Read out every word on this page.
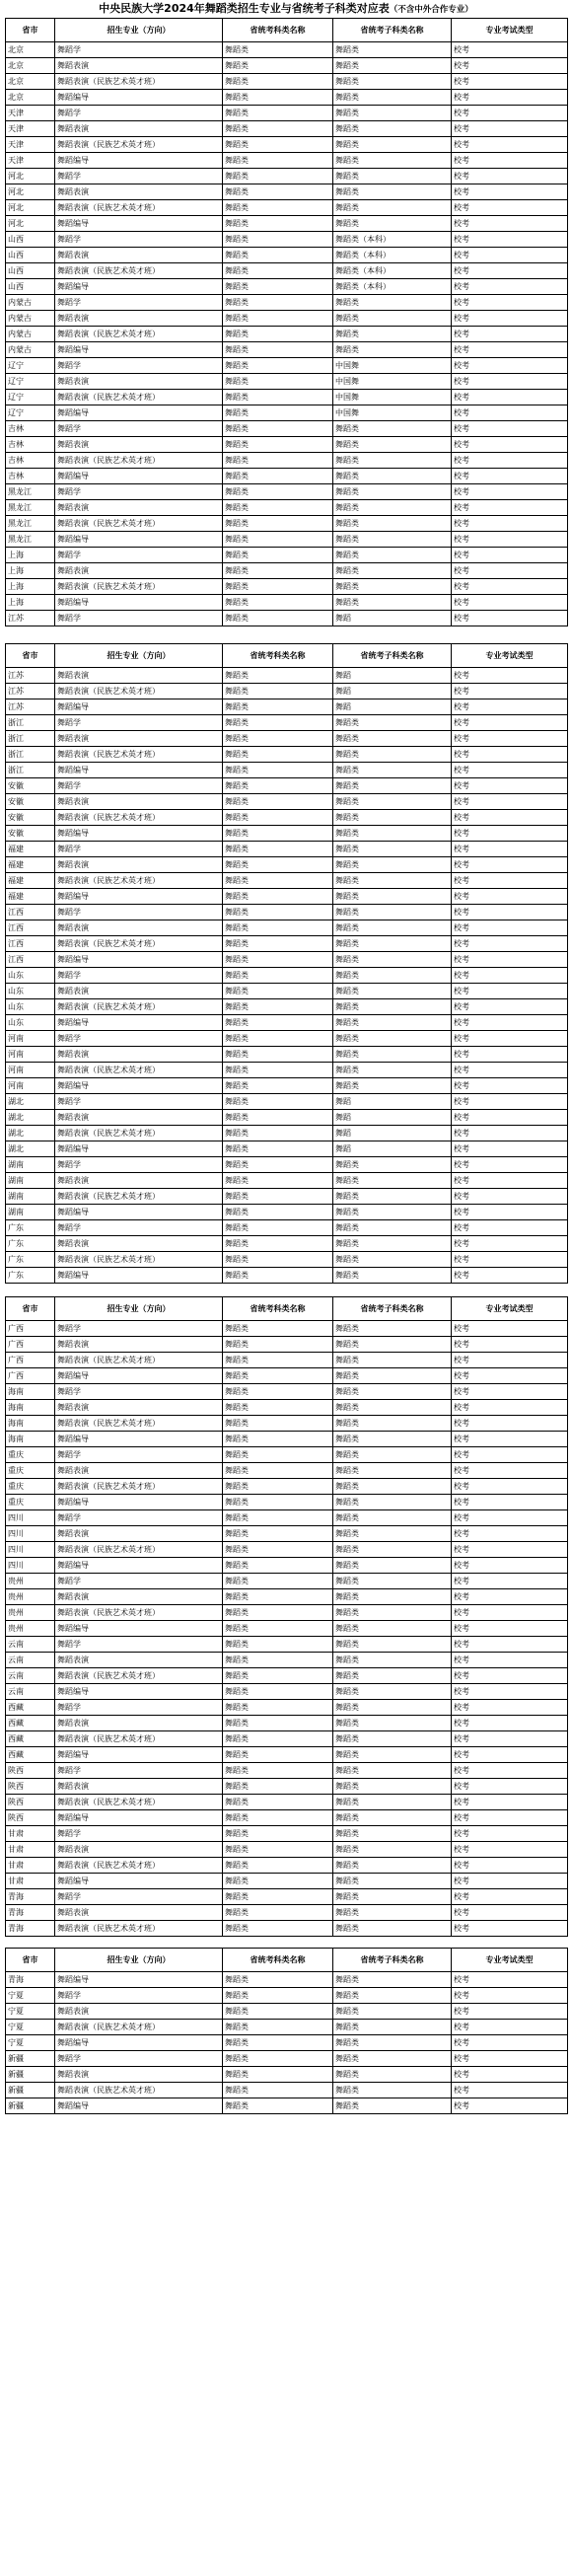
中央民族大学2024年舞蹈类招生专业与省统考子科类对应表（不含中外合作专业）
省市	招生专业（方向）	省统考科类名称	省统考子科类名称	专业考试类型
北京	舞蹈学	舞蹈类	舞蹈类	校考
北京	舞蹈表演	舞蹈类	舞蹈类	校考
北京	舞蹈表演（民族艺术英才班）	舞蹈类	舞蹈类	校考
北京	舞蹈编导	舞蹈类	舞蹈类	校考
天津	舞蹈学	舞蹈类	舞蹈类	校考
天津	舞蹈表演	舞蹈类	舞蹈类	校考
天津	舞蹈表演（民族艺术英才班）	舞蹈类	舞蹈类	校考
天津	舞蹈编导	舞蹈类	舞蹈类	校考
河北	舞蹈学	舞蹈类	舞蹈类	校考
河北	舞蹈表演	舞蹈类	舞蹈类	校考
河北	舞蹈表演（民族艺术英才班）	舞蹈类	舞蹈类	校考
河北	舞蹈编导	舞蹈类	舞蹈类	校考
山西	舞蹈学	舞蹈类	舞蹈类（本科）	校考
山西	舞蹈表演	舞蹈类	舞蹈类（本科）	校考
山西	舞蹈表演（民族艺术英才班）	舞蹈类	舞蹈类（本科）	校考
山西	舞蹈编导	舞蹈类	舞蹈类（本科）	校考
内蒙古	舞蹈学	舞蹈类	舞蹈类	校考
内蒙古	舞蹈表演	舞蹈类	舞蹈类	校考
内蒙古	舞蹈表演（民族艺术英才班）	舞蹈类	舞蹈类	校考
内蒙古	舞蹈编导	舞蹈类	舞蹈类	校考
辽宁	舞蹈学	舞蹈类	中国舞	校考
辽宁	舞蹈表演	舞蹈类	中国舞	校考
辽宁	舞蹈表演（民族艺术英才班）	舞蹈类	中国舞	校考
辽宁	舞蹈编导	舞蹈类	中国舞	校考
吉林	舞蹈学	舞蹈类	舞蹈类	校考
吉林	舞蹈表演	舞蹈类	舞蹈类	校考
吉林	舞蹈表演（民族艺术英才班）	舞蹈类	舞蹈类	校考
吉林	舞蹈编导	舞蹈类	舞蹈类	校考
黑龙江	舞蹈学	舞蹈类	舞蹈类	校考
黑龙江	舞蹈表演	舞蹈类	舞蹈类	校考
黑龙江	舞蹈表演（民族艺术英才班）	舞蹈类	舞蹈类	校考
黑龙江	舞蹈编导	舞蹈类	舞蹈类	校考
上海	舞蹈学	舞蹈类	舞蹈类	校考
上海	舞蹈表演	舞蹈类	舞蹈类	校考
上海	舞蹈表演（民族艺术英才班）	舞蹈类	舞蹈类	校考
上海	舞蹈编导	舞蹈类	舞蹈类	校考
江苏	舞蹈学	舞蹈类	舞蹈	校考
省市	招生专业（方向）	省统考科类名称	省统考子科类名称	专业考试类型
江苏	舞蹈表演	舞蹈类	舞蹈	校考
江苏	舞蹈表演（民族艺术英才班）	舞蹈类	舞蹈	校考
江苏	舞蹈编导	舞蹈类	舞蹈	校考
浙江	舞蹈学	舞蹈类	舞蹈类	校考
浙江	舞蹈表演	舞蹈类	舞蹈类	校考
浙江	舞蹈表演（民族艺术英才班）	舞蹈类	舞蹈类	校考
浙江	舞蹈编导	舞蹈类	舞蹈类	校考
安徽	舞蹈学	舞蹈类	舞蹈类	校考
安徽	舞蹈表演	舞蹈类	舞蹈类	校考
安徽	舞蹈表演（民族艺术英才班）	舞蹈类	舞蹈类	校考
安徽	舞蹈编导	舞蹈类	舞蹈类	校考
福建	舞蹈学	舞蹈类	舞蹈类	校考
福建	舞蹈表演	舞蹈类	舞蹈类	校考
福建	舞蹈表演（民族艺术英才班）	舞蹈类	舞蹈类	校考
福建	舞蹈编导	舞蹈类	舞蹈类	校考
江西	舞蹈学	舞蹈类	舞蹈类	校考
江西	舞蹈表演	舞蹈类	舞蹈类	校考
江西	舞蹈表演（民族艺术英才班）	舞蹈类	舞蹈类	校考
江西	舞蹈编导	舞蹈类	舞蹈类	校考
山东	舞蹈学	舞蹈类	舞蹈类	校考
山东	舞蹈表演	舞蹈类	舞蹈类	校考
山东	舞蹈表演（民族艺术英才班）	舞蹈类	舞蹈类	校考
山东	舞蹈编导	舞蹈类	舞蹈类	校考
河南	舞蹈学	舞蹈类	舞蹈类	校考
河南	舞蹈表演	舞蹈类	舞蹈类	校考
河南	舞蹈表演（民族艺术英才班）	舞蹈类	舞蹈类	校考
河南	舞蹈编导	舞蹈类	舞蹈类	校考
湖北	舞蹈学	舞蹈类	舞蹈	校考
湖北	舞蹈表演	舞蹈类	舞蹈	校考
湖北	舞蹈表演（民族艺术英才班）	舞蹈类	舞蹈	校考
湖北	舞蹈编导	舞蹈类	舞蹈	校考
湖南	舞蹈学	舞蹈类	舞蹈类	校考
湖南	舞蹈表演	舞蹈类	舞蹈类	校考
湖南	舞蹈表演（民族艺术英才班）	舞蹈类	舞蹈类	校考
湖南	舞蹈编导	舞蹈类	舞蹈类	校考
广东	舞蹈学	舞蹈类	舞蹈类	校考
广东	舞蹈表演	舞蹈类	舞蹈类	校考
广东	舞蹈表演（民族艺术英才班）	舞蹈类	舞蹈类	校考
广东	舞蹈编导	舞蹈类	舞蹈类	校考
省市	招生专业（方向）	省统考科类名称	省统考子科类名称	专业考试类型
广西	舞蹈学	舞蹈类	舞蹈类	校考
广西	舞蹈表演	舞蹈类	舞蹈类	校考
广西	舞蹈表演（民族艺术英才班）	舞蹈类	舞蹈类	校考
广西	舞蹈编导	舞蹈类	舞蹈类	校考
海南	舞蹈学	舞蹈类	舞蹈类	校考
海南	舞蹈表演	舞蹈类	舞蹈类	校考
海南	舞蹈表演（民族艺术英才班）	舞蹈类	舞蹈类	校考
海南	舞蹈编导	舞蹈类	舞蹈类	校考
重庆	舞蹈学	舞蹈类	舞蹈类	校考
重庆	舞蹈表演	舞蹈类	舞蹈类	校考
重庆	舞蹈表演（民族艺术英才班）	舞蹈类	舞蹈类	校考
重庆	舞蹈编导	舞蹈类	舞蹈类	校考
四川	舞蹈学	舞蹈类	舞蹈类	校考
四川	舞蹈表演	舞蹈类	舞蹈类	校考
四川	舞蹈表演（民族艺术英才班）	舞蹈类	舞蹈类	校考
四川	舞蹈编导	舞蹈类	舞蹈类	校考
贵州	舞蹈学	舞蹈类	舞蹈类	校考
贵州	舞蹈表演	舞蹈类	舞蹈类	校考
贵州	舞蹈表演（民族艺术英才班）	舞蹈类	舞蹈类	校考
贵州	舞蹈编导	舞蹈类	舞蹈类	校考
云南	舞蹈学	舞蹈类	舞蹈类	校考
云南	舞蹈表演	舞蹈类	舞蹈类	校考
云南	舞蹈表演（民族艺术英才班）	舞蹈类	舞蹈类	校考
云南	舞蹈编导	舞蹈类	舞蹈类	校考
西藏	舞蹈学	舞蹈类	舞蹈类	校考
西藏	舞蹈表演	舞蹈类	舞蹈类	校考
西藏	舞蹈表演（民族艺术英才班）	舞蹈类	舞蹈类	校考
西藏	舞蹈编导	舞蹈类	舞蹈类	校考
陕西	舞蹈学	舞蹈类	舞蹈类	校考
陕西	舞蹈表演	舞蹈类	舞蹈类	校考
陕西	舞蹈表演（民族艺术英才班）	舞蹈类	舞蹈类	校考
陕西	舞蹈编导	舞蹈类	舞蹈类	校考
甘肃	舞蹈学	舞蹈类	舞蹈类	校考
甘肃	舞蹈表演	舞蹈类	舞蹈类	校考
甘肃	舞蹈表演（民族艺术英才班）	舞蹈类	舞蹈类	校考
甘肃	舞蹈编导	舞蹈类	舞蹈类	校考
青海	舞蹈学	舞蹈类	舞蹈类	校考
青海	舞蹈表演	舞蹈类	舞蹈类	校考
青海	舞蹈表演（民族艺术英才班）	舞蹈类	舞蹈类	校考
省市	招生专业（方向）	省统考科类名称	省统考子科类名称	专业考试类型
青海	舞蹈编导	舞蹈类	舞蹈类	校考
宁夏	舞蹈学	舞蹈类	舞蹈类	校考
宁夏	舞蹈表演	舞蹈类	舞蹈类	校考
宁夏	舞蹈表演（民族艺术英才班）	舞蹈类	舞蹈类	校考
宁夏	舞蹈编导	舞蹈类	舞蹈类	校考
新疆	舞蹈学	舞蹈类	舞蹈类	校考
新疆	舞蹈表演	舞蹈类	舞蹈类	校考
新疆	舞蹈表演（民族艺术英才班）	舞蹈类	舞蹈类	校考
新疆	舞蹈编导	舞蹈类	舞蹈类	校考
